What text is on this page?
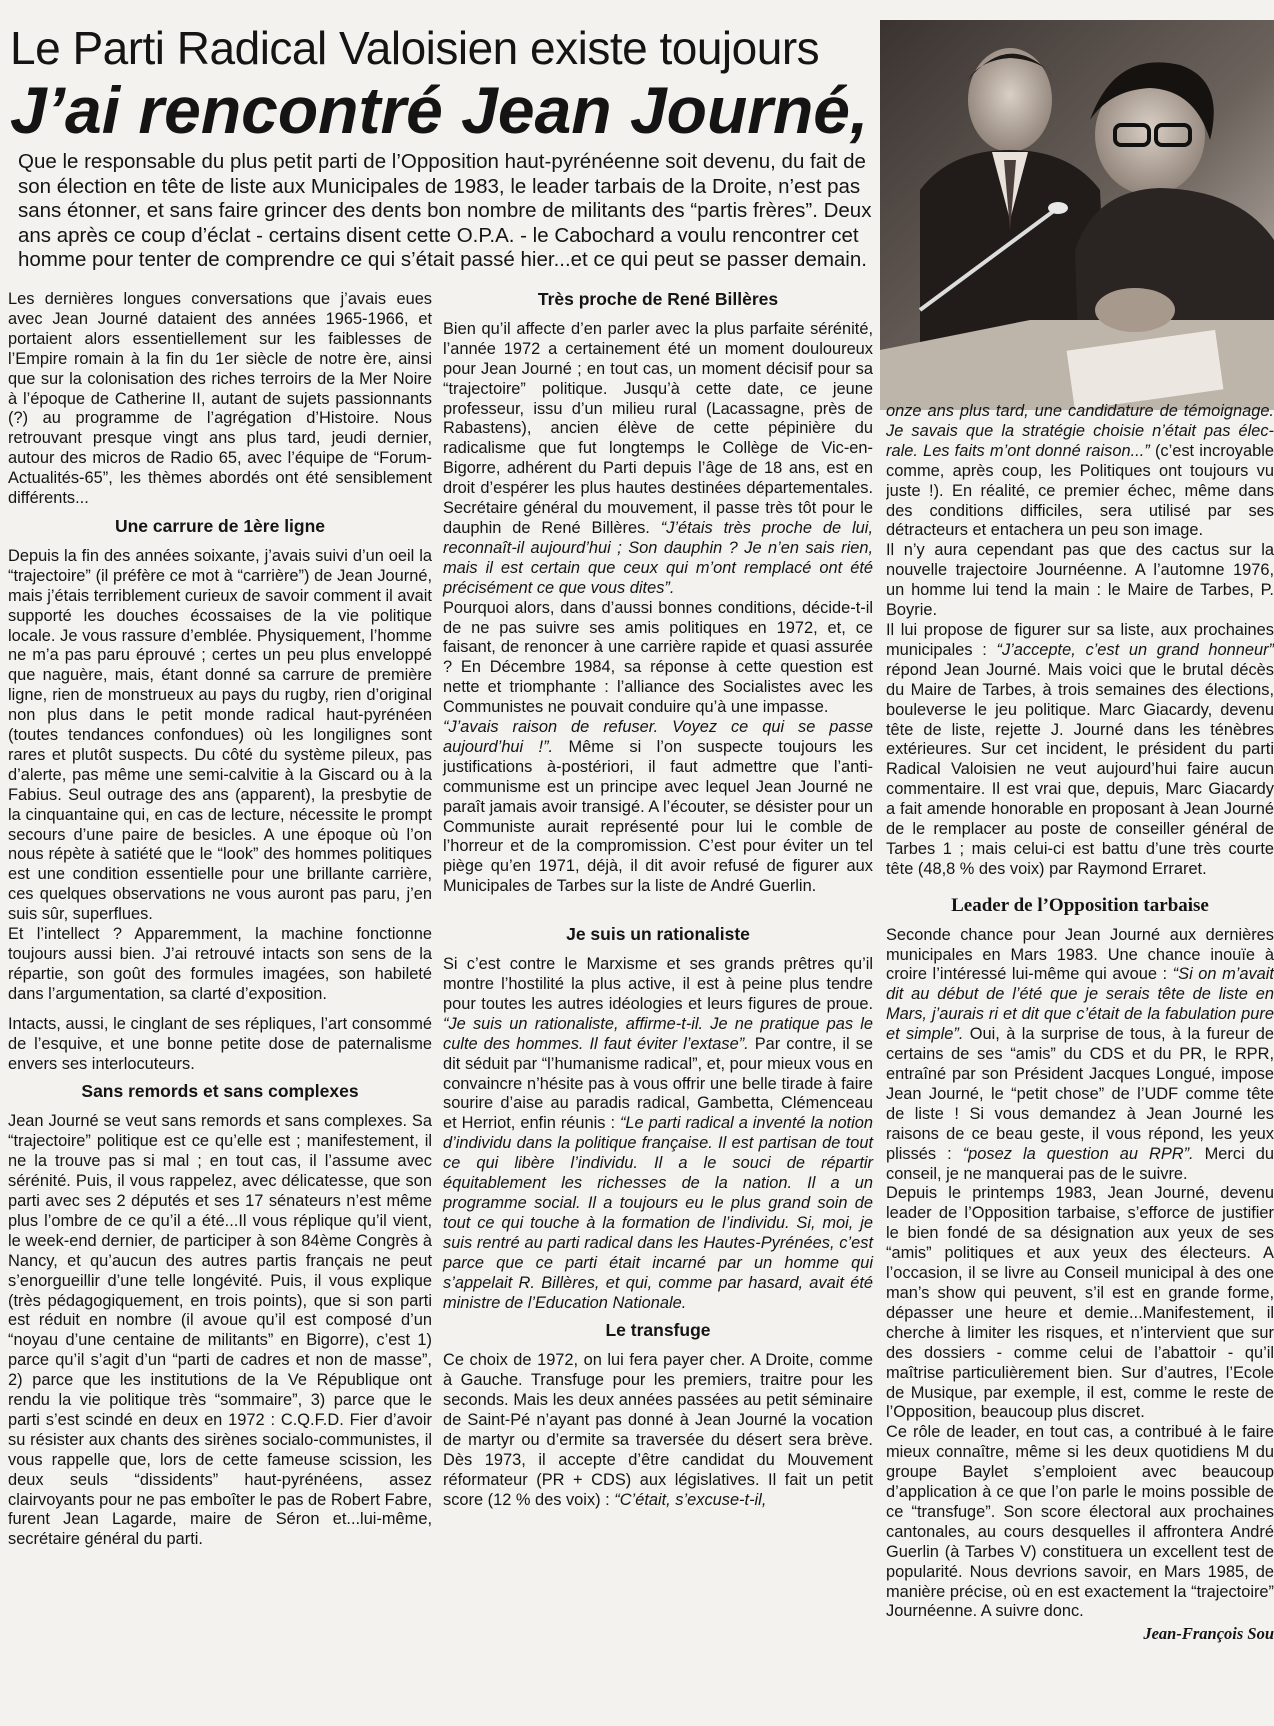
Le Parti Radical Valoisien existe toujours
J’ai rencontré Jean Journé,
Que le responsable du plus petit parti de l’Opposition haut-pyrénéenne soit devenu, du fait de son élection en tête de liste aux Municipales de 1983, le leader tarbais de la Droite, n’est pas sans étonner, et sans faire grincer des dents bon nombre de militants des “partis frères”. Deux ans après ce coup d’éclat - certains disent cette O.P.A. - le Cabochard a voulu rencontrer cet homme pour tenter de comprendre ce qui s’était passé hier...et ce qui peut se passer demain.

Les dernières longues conversations que j’avais eues avec Jean Journé dataient des années 1965-1966, et portaient alors essentiellement sur les faiblesses de l’Empire romain à la fin du 1er siècle de notre ère, ainsi que sur la colonisation des riches terroirs de la Mer Noire à l’époque de Catherine II, autant de sujets passionnants (?) au programme de l’agrégation d’Histoire. Nous retrouvant presque vingt ans plus tard, jeudi dernier, autour des micros de Radio 65, avec l’équipe de “Forum-Actualités-65”, les thèmes abordés ont été sensiblement différents...

Une carrure de 1ère ligne

Depuis la fin des années soixante, j’avais suivi d’un oeil la “trajectoire” (il préfère ce mot à “carrière”) de Jean Journé, mais j’étais terriblement curieux de savoir comment il avait supporté les douches écossaises de la vie politique locale. Je vous rassure d’emblée. Physiquement, l’homme ne m’a pas paru éprouvé ; certes un peu plus enveloppé que naguère, mais, étant donné sa carrure de première ligne, rien de monstrueux au pays du rugby, rien d’original non plus dans le petit monde radical haut-pyrénéen (toutes tendances confondues) où les longilignes sont rares et plutôt suspects. Du côté du système pileux, pas d’alerte, pas même une semi-calvitie à la Giscard ou à la Fabius. Seul outrage des ans (apparent), la presbytie de la cinquantaine qui, en cas de lecture, nécessite le prompt secours d’une paire de besicles. A une époque où l’on nous répète à satiété que le “look” des hommes politiques est une condition essentielle pour une brillante carrière, ces quelques observations ne vous auront pas paru, j’en suis sûr, superflues.

Et l’intellect ? Apparemment, la machine fonctionne toujours aussi bien. J’ai retrouvé intacts son sens de la répartie, son goût des formules imagées, son habileté dans l’argumentation, sa clarté d’exposition.

Intacts, aussi, le cinglant de ses répliques, l’art consommé de l’esquive, et une bonne petite dose de paternalisme envers ses interlocuteurs.

Sans remords et sans complexes

Jean Journé se veut sans remords et sans complexes. Sa “trajectoire” politique est ce qu’elle est ; manifestement, il ne la trouve pas si mal ; en tout cas, il l’assume avec sérénité. Puis, il vous rappelez, avec délicatesse, que son parti avec ses 2 députés et ses 17 sénateurs n’est même plus l’ombre de ce qu’il a été...Il vous réplique qu’il vient, le week-end dernier, de participer à son 84ème Congrès à Nancy, et qu’aucun des autres partis français ne peut s’enorgueillir d’une telle longévité. Puis, il vous explique (très pédagogiquement, en trois points), que si son parti est réduit en nombre (il avoue qu’il est composé d’un “noyau d’une centaine de militants” en Bigorre), c’est 1) parce qu’il s’agit d’un “parti de cadres et non de masse”, 2) parce que les institutions de la Ve République ont rendu la vie politique très “sommaire”, 3) parce que le parti s’est scindé en deux en 1972 : C.Q.F.D. Fier d’avoir su résister aux chants des sirènes socialo-communistes, il vous rappelle que, lors de cette fameuse scission, les deux seuls “dissidents” haut-pyrénéens, assez clairvoyants pour ne pas emboîter le pas de Robert Fabre, furent Jean Lagarde, maire de Séron et...lui-même, secrétaire général du parti.

Très proche de René Billères

Bien qu’il affecte d’en parler avec la plus parfaite sérénité, l’année 1972 a certainement été un moment douloureux pour Jean Journé ; en tout cas, un moment décisif pour sa “trajectoire” politique. Jusqu’à cette date, ce jeune professeur, issu d’un milieu rural (Lacassagne, près de Rabastens), ancien élève de cette pépinière du radicalisme que fut longtemps le Collège de Vic-en-Bigorre, adhérent du Parti depuis l’âge de 18 ans, est en droit d’espérer les plus hautes destinées départementales. Secrétaire général du mouvement, il passe très tôt pour le dauphin de René Billères. “J’étais très proche de lui, reconnaît-il aujourd’hui ; Son dauphin ? Je n’en sais rien, mais il est certain que ceux qui m’ont remplacé ont été précisément ce que vous dites”.

Pourquoi alors, dans d’aussi bonnes conditions, décide-t-il de ne pas suivre ses amis politiques en 1972, et, ce faisant, de renoncer à une carrière rapide et quasi assurée ? En Décembre 1984, sa réponse à cette question est nette et triomphante : l’alliance des Socialistes avec les Communistes ne pouvait conduire qu’à une impasse.

“J’avais raison de refuser. Voyez ce qui se passe aujourd’hui !”. Même si l’on suspecte toujours les justifications à-postériori, il faut admettre que l’anti-communisme est un principe avec lequel Jean Journé ne paraît jamais avoir transigé. A l’écouter, se désister pour un Communiste aurait représenté pour lui le comble de l’horreur et de la compromission. C’est pour éviter un tel piège qu’en 1971, déjà, il dit avoir refusé de figurer aux Municipales de Tarbes sur la liste de André Guerlin.

Je suis un rationaliste

Si c’est contre le Marxisme et ses grands prêtres qu’il montre l’hostilité la plus active, il est à peine plus tendre pour toutes les autres idéologies et leurs figures de proue. “Je suis un rationaliste, affirme-t-il. Je ne pratique pas le culte des hommes. Il faut éviter l’extase”. Par contre, il se dit séduit par “l’humanisme radical”, et, pour mieux vous en convaincre n’hésite pas à vous offrir une belle tirade à faire sourire d’aise au paradis radical, Gambetta, Clémenceau et Herriot, enfin réunis : “Le parti radical a inventé la notion d’individu dans la politique française. Il est partisan de tout ce qui libère l’individu. Il a le souci de répartir équitablement les richesses de la nation. Il a un programme social. Il a toujours eu le plus grand soin de tout ce qui touche à la formation de l’individu. Si, moi, je suis rentré au parti radical dans les Hautes-Pyrénées, c’est parce que ce parti était incarné par un homme qui s’appelait R. Billères, et qui, comme par hasard, avait été ministre de l’Education Nationale.

Le transfuge

Ce choix de 1972, on lui fera payer cher. A Droite, comme à Gauche. Transfuge pour les premiers, traitre pour les seconds. Mais les deux années passées au petit séminaire de Saint-Pé n’ayant pas donné à Jean Journé la vocation de martyr ou d’ermite sa traversée du désert sera brève. Dès 1973, il accepte d’être candidat du Mouvement réformateur (PR + CDS) aux législatives. Il fait un petit score (12 % des voix) : “C’était, s’excuse-t-il,

onze ans plus tard, une candidature de témoignage. Je savais que la stratégie choisie n’était pas élec-rale. Les faits m’ont donné raison...” (c’est incroyable comme, après coup, les Politiques ont toujours vu juste !). En réalité, ce premier échec, même dans des conditions difficiles, sera utilisé par ses détracteurs et entachera un peu son image.

Il n’y aura cependant pas que des cactus sur la nouvelle trajectoire Journéenne. A l’automne 1976, un homme lui tend la main : le Maire de Tarbes, P. Boyrie.

Il lui propose de figurer sur sa liste, aux prochaines municipales : “J’accepte, c’est un grand honneur” répond Jean Journé. Mais voici que le brutal décès du Maire de Tarbes, à trois semaines des élections, bouleverse le jeu politique. Marc Giacardy, devenu tête de liste, rejette J. Journé dans les ténèbres extérieures. Sur cet incident, le président du parti Radical Valoisien ne veut aujourd’hui faire aucun commentaire. Il est vrai que, depuis, Marc Giacardy a fait amende honorable en proposant à Jean Journé de le remplacer au poste de conseiller général de Tarbes 1 ; mais celui-ci est battu d’une très courte tête (48,8 % des voix) par Raymond Erraret.

Leader de l’Opposition tarbaise

Seconde chance pour Jean Journé aux dernières municipales en Mars 1983. Une chance inouïe à croire l’intéressé lui-même qui avoue : “Si on m’avait dit au début de l’été que je serais tête de liste en Mars, j’aurais ri et dit que c’était de la fabulation pure et simple”. Oui, à la surprise de tous, à la fureur de certains de ses “amis” du CDS et du PR, le RPR, entraîné par son Président Jacques Longué, impose Jean Journé, le “petit chose” de l’UDF comme tête de liste ! Si vous demandez à Jean Journé les raisons de ce beau geste, il vous répond, les yeux plissés : “posez la question au RPR”. Merci du conseil, je ne manquerai pas de le suivre.

Depuis le printemps 1983, Jean Journé, devenu leader de l’Opposition tarbaise, s’efforce de justifier le bien fondé de sa désignation aux yeux de ses “amis” politiques et aux yeux des électeurs. A l’occasion, il se livre au Conseil municipal à des one man’s show qui peuvent, s’il est en grande forme, dépasser une heure et demie...Manifestement, il cherche à limiter les risques, et n’intervient que sur des dossiers - comme celui de l’abattoir - qu’il maîtrise particulièrement bien. Sur d’autres, l’Ecole de Musique, par exemple, il est, comme le reste de l’Opposition, beaucoup plus discret.

Ce rôle de leader, en tout cas, a contribué à le faire mieux connaître, même si les deux quotidiens M du groupe Baylet s’emploient avec beaucoup d’application à ce que l’on parle le moins possible de ce “transfuge”. Son score électoral aux prochaines cantonales, au cours desquelles il affrontera André Guerlin (à Tarbes V) constituera un excellent test de popularité. Nous devrions savoir, en Mars 1985, de manière précise, où en est exactement la “trajectoire” Journéenne. A suivre donc.

Jean-François Sou
